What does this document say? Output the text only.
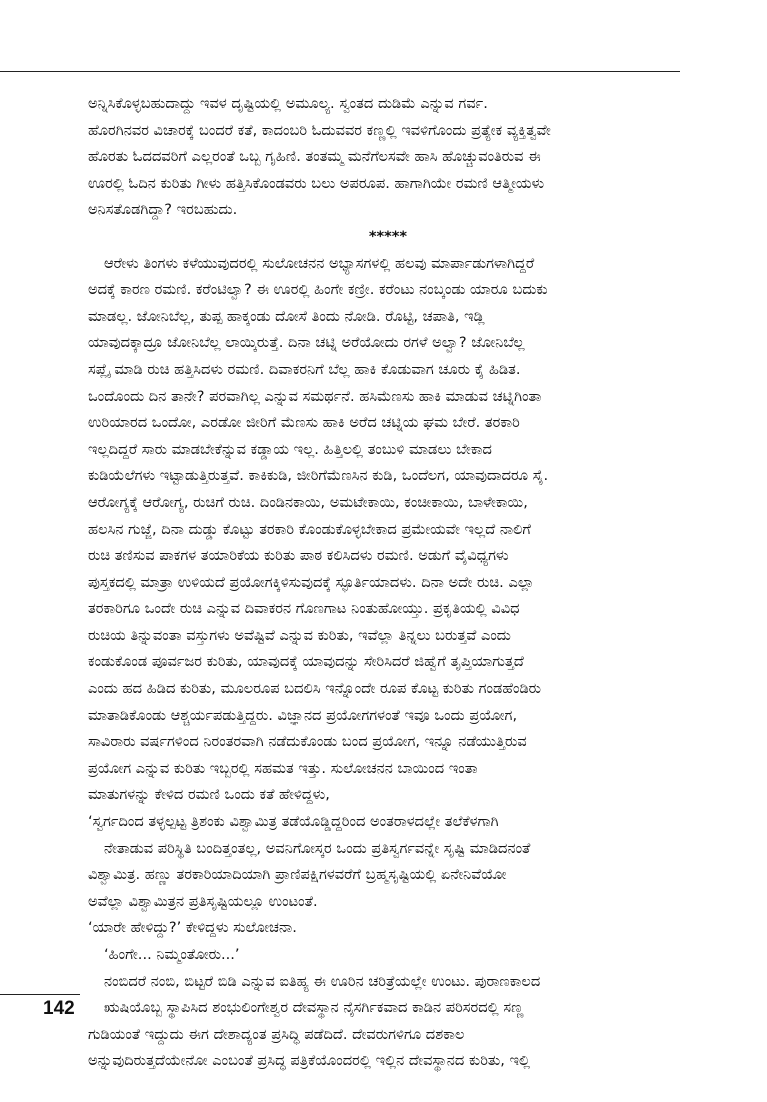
ಅನ್ನಿಸಿಕೊಳ್ಳಬಹುದಾದ್ದು ಇವಳ ದೃಷ್ಟಿಯಲ್ಲಿ ಅಮೂಲ್ಯ. ಸ್ವಂತದ ದುಡಿಮೆ ಎನ್ನುವ ಗರ್ವ.
ಹೊರಗಿನವರ ವಿಚಾರಕ್ಕೆ ಬಂದರೆ ಕತೆ, ಕಾದಂಬರಿ ಓದುವವರ ಕಣ್ಣಲ್ಲಿ ಇವಳಿಗೊಂದು ಪ್ರತ್ಯೇಕ ವ್ಯಕ್ತಿತ್ವವೇ
ಹೊರತು ಓದದವರಿಗೆ ಎಲ್ಲರಂತೆ ಒಬ್ಬ ಗೃಹಿಣಿ. ತಂತಮ್ಮ ಮನೆಗೆಲಸವೇ ಹಾಸಿ ಹೊಚ್ಚುವಂತಿರುವ ಈ
ಊರಲ್ಲಿ ಓದಿನ ಕುರಿತು ಗೀಳು ಹತ್ತಿಸಿಕೊಂಡವರು ಬಲು ಅಪರೂಪ. ಹಾಗಾಗಿಯೇ ರಮಣಿ ಆತ್ಮೀಯಳು
ಅನಿಸತೊಡಗಿದ್ದಾ? ಇರಬಹುದು.
*****
ಆರೇಳು ತಿಂಗಳು ಕಳೆಯುವುದರಲ್ಲಿ ಸುಲೋಚನನ ಅಭ್ಯಾಸಗಳಲ್ಲಿ ಹಲವು ಮಾರ್ಪಾಡುಗಳಾಗಿದ್ದರೆ
ಅದಕ್ಕೆ ಕಾರಣ ರಮಣಿ. ಕರೆಂಟಿಲ್ವಾ? ಈ ಊರಲ್ಲಿ ಹಿಂಗೇ ಕಣ್ರೀ. ಕರೆಂಟು ನಂಬ್ಕಂಡು ಯಾರೂ ಬದುಕು
ಮಾಡಲ್ಲ. ಜೋನಿಬೆಲ್ಲ, ತುಪ್ಪ ಹಾಕ್ಕಂಡು ದೋಸೆ ತಿಂದು ನೋಡಿ. ರೊಟ್ಟಿ, ಚಪಾತಿ, ಇಡ್ಲಿ
ಯಾವುದಕ್ಕಾದ್ರೂ ಜೋನಿಬೆಲ್ಲ ಲಾಯ್ಕಿರುತ್ತೆ. ದಿನಾ ಚಟ್ನಿ ಅರೆಯೋದು ರಗಳೆ ಅಲ್ವಾ? ಜೋನಿಬೆಲ್ಲ
ಸಪ್ಲೈ ಮಾಡಿ ರುಚಿ ಹತ್ತಿಸಿದಳು ರಮಣಿ. ದಿವಾಕರನಿಗೆ ಬೆಲ್ಲ ಹಾಕಿ ಕೊಡುವಾಗ ಚೂರು ಕೈ ಹಿಡಿತ.
ಒಂದೊಂದು ದಿನ ತಾನೇ? ಪರವಾಗಿಲ್ಲ ಎನ್ನುವ ಸಮರ್ಥನೆ. ಹಸಿಮೆಣಸು ಹಾಕಿ ಮಾಡುವ ಚಟ್ನಿಗಿಂತಾ
ಉರಿಯಾರದ ಒಂದೋ, ಎರಡೋ ಜೀರಿಗೆ ಮೆಣಸು ಹಾಕಿ ಅರೆದ ಚಟ್ನಿಯ ಘಮ ಬೇರೆ. ತರಕಾರಿ
ಇಲ್ಲದಿದ್ದರೆ ಸಾರು ಮಾಡಬೇಕೆನ್ನುವ ಕಡ್ಡಾಯ ಇಲ್ಲ. ಹಿತ್ತಿಲಲ್ಲಿ ತಂಬುಳಿ ಮಾಡಲು ಬೇಕಾದ
ಕುಡಿಯೆಲೆಗಳು ಇಟ್ಟಾಡುತ್ತಿರುತ್ತವೆ. ಕಾಕಿಕುಡಿ, ಜೀರಿಗೆಮೆಣಸಿನ ಕುಡಿ, ಒಂದೆಲಗ, ಯಾವುದಾದರೂ ಸೈ.
ಆರೋಗ್ಯಕ್ಕೆ ಆರೋಗ್ಯ, ರುಚಿಗೆ ರುಚಿ. ದಿಂಡಿನಕಾಯಿ, ಅಮಟೇಕಾಯಿ, ಕಂಚೀಕಾಯಿ, ಬಾಳೇಕಾಯಿ,
ಹಲಸಿನ ಗುಜ್ಜೆ, ದಿನಾ ದುಡ್ಡು ಕೊಟ್ಟು ತರಕಾರಿ ಕೊಂಡುಕೊಳ್ಳಬೇಕಾದ ಪ್ರಮೇಯವೇ ಇಲ್ಲದೆ ನಾಲಿಗೆ
ರುಚಿ ತಣಿಸುವ ಪಾಕಗಳ ತಯಾರಿಕೆಯ ಕುರಿತು ಪಾಠ ಕಲಿಸಿದಳು ರಮಣಿ. ಅಡುಗೆ ವೈವಿಧ್ಯಗಳು
ಪುಸ್ತಕದಲ್ಲಿ ಮಾತ್ರಾ ಉಳಿಯದೆ ಪ್ರಯೋಗಕ್ಕಿಳಿಸುವುದಕ್ಕೆ ಸ್ಫೂರ್ತಿಯಾದಳು. ದಿನಾ ಅದೇ ರುಚಿ. ಎಲ್ಲಾ
ತರಕಾರಿಗೂ ಒಂದೇ ರುಚಿ ಎನ್ನುವ ದಿವಾಕರನ ಗೊಣಗಾಟ ನಿಂತುಹೋಯ್ತು. ಪ್ರಕೃತಿಯಲ್ಲಿ ವಿವಿಧ
ರುಚಿಯ ತಿನ್ನುವಂತಾ ವಸ್ತುಗಳು ಅವೆಷ್ಟಿವೆ ಎನ್ನುವ ಕುರಿತು, ಇವೆಲ್ಲಾ ತಿನ್ನಲು ಬರುತ್ತವೆ ಎಂದು
ಕಂಡುಕೊಂಡ ಪೂರ್ವಜರ ಕುರಿತು, ಯಾವುದಕ್ಕೆ ಯಾವುದನ್ನು ಸೇರಿಸಿದರೆ ಜಿಹ್ವೆಗೆ ತೃಪ್ತಿಯಾಗುತ್ತದೆ
ಎಂದು ಹದ ಹಿಡಿದ ಕುರಿತು, ಮೂಲರೂಪ ಬದಲಿಸಿ ಇನ್ನೊಂದೇ ರೂಪ ಕೊಟ್ಟ ಕುರಿತು ಗಂಡಹೆಂಡಿರು
ಮಾತಾಡಿಕೊಂಡು ಆಶ್ಚರ್ಯಪಡುತ್ತಿದ್ದರು. ವಿಜ್ಞಾನದ ಪ್ರಯೋಗಗಳಂತೆ ಇವೂ ಒಂದು ಪ್ರಯೋಗ,
ಸಾವಿರಾರು ವರ್ಷಗಳಿಂದ ನಿರಂತರವಾಗಿ ನಡೆದುಕೊಂಡು ಬಂದ ಪ್ರಯೋಗ, ಇನ್ನೂ ನಡೆಯುತ್ತಿರುವ
ಪ್ರಯೋಗ ಎನ್ನುವ ಕುರಿತು ಇಬ್ಬರಲ್ಲಿ ಸಹಮತ ಇತ್ತು. ಸುಲೋಚನನ ಬಾಯಿಂದ ಇಂತಾ
ಮಾತುಗಳನ್ನು ಕೇಳಿದ ರಮಣಿ ಒಂದು ಕತೆ ಹೇಳಿದ್ದಳು,
‘ಸ್ವರ್ಗದಿಂದ ತಳ್ಳಲ್ಪಟ್ಟ ತ್ರಿಶಂಕು ವಿಶ್ವಾಮಿತ್ರ ತಡೆಯೊಡ್ಡಿದ್ದರಿಂದ ಅಂತರಾಳದಲ್ಲೇ ತಲೆಕೆಳಗಾಗಿ
ನೇತಾಡುವ ಪರಿಸ್ಥಿತಿ ಬಂದಿತ್ತಂತಲ್ಲ, ಅವನಿಗೋಸ್ಕರ ಒಂದು ಪ್ರತಿಸ್ವರ್ಗವನ್ನೇ ಸೃಷ್ಟಿ ಮಾಡಿದನಂತೆ
ವಿಶ್ವಾಮಿತ್ರ. ಹಣ್ಣು ತರಕಾರಿಯಾದಿಯಾಗಿ ಪ್ರಾಣಿಪಕ್ಷಿಗಳವರೆಗೆ ಬ್ರಹ್ಮಸೃಷ್ಟಿಯಲ್ಲಿ ಏನೇನಿವೆಯೋ
ಅವೆಲ್ಲಾ ವಿಶ್ವಾಮಿತ್ರನ ಪ್ರತಿಸೃಷ್ಟಿಯಲ್ಲೂ ಉಂಟಂತೆ.
‘ಯಾರೇ ಹೇಳಿದ್ದು?’ ಕೇಳಿದ್ದಳು ಸುಲೋಚನಾ.
‘ಹಿಂಗೇ... ನಿಮ್ಮಂತೋರು...’
ನಂಬಿದರೆ ನಂಬಿ, ಬಿಟ್ಟರೆ ಬಿಡಿ ಎನ್ನುವ ಐತಿಹ್ಯ ಈ ಊರಿನ ಚರಿತ್ರೆಯಲ್ಲೇ ಉಂಟು. ಪುರಾಣಕಾಲದ
ಋಷಿಯೊಬ್ಬ ಸ್ಥಾಪಿಸಿದ ಶಂಭುಲಿಂಗೇಶ್ವರ ದೇವಸ್ಥಾನ ನೈಸರ್ಗಿಕವಾದ ಕಾಡಿನ ಪರಿಸರದಲ್ಲಿ ಸಣ್ಣ
ಗುಡಿಯಂತೆ ಇದ್ದುದು ಈಗ ದೇಶಾದ್ಯಂತ ಪ್ರಸಿದ್ಧಿ ಪಡೆದಿದೆ. ದೇವರುಗಳಿಗೂ ದಶಕಾಲ
ಅನ್ನುವುದಿರುತ್ತದೆಯೇನೋ ಎಂಬಂತೆ ಪ್ರಸಿದ್ಧ ಪತ್ರಿಕೆಯೊಂದರಲ್ಲಿ ಇಲ್ಲಿನ ದೇವಸ್ಥಾನದ ಕುರಿತು, ಇಲ್ಲಿ
142
